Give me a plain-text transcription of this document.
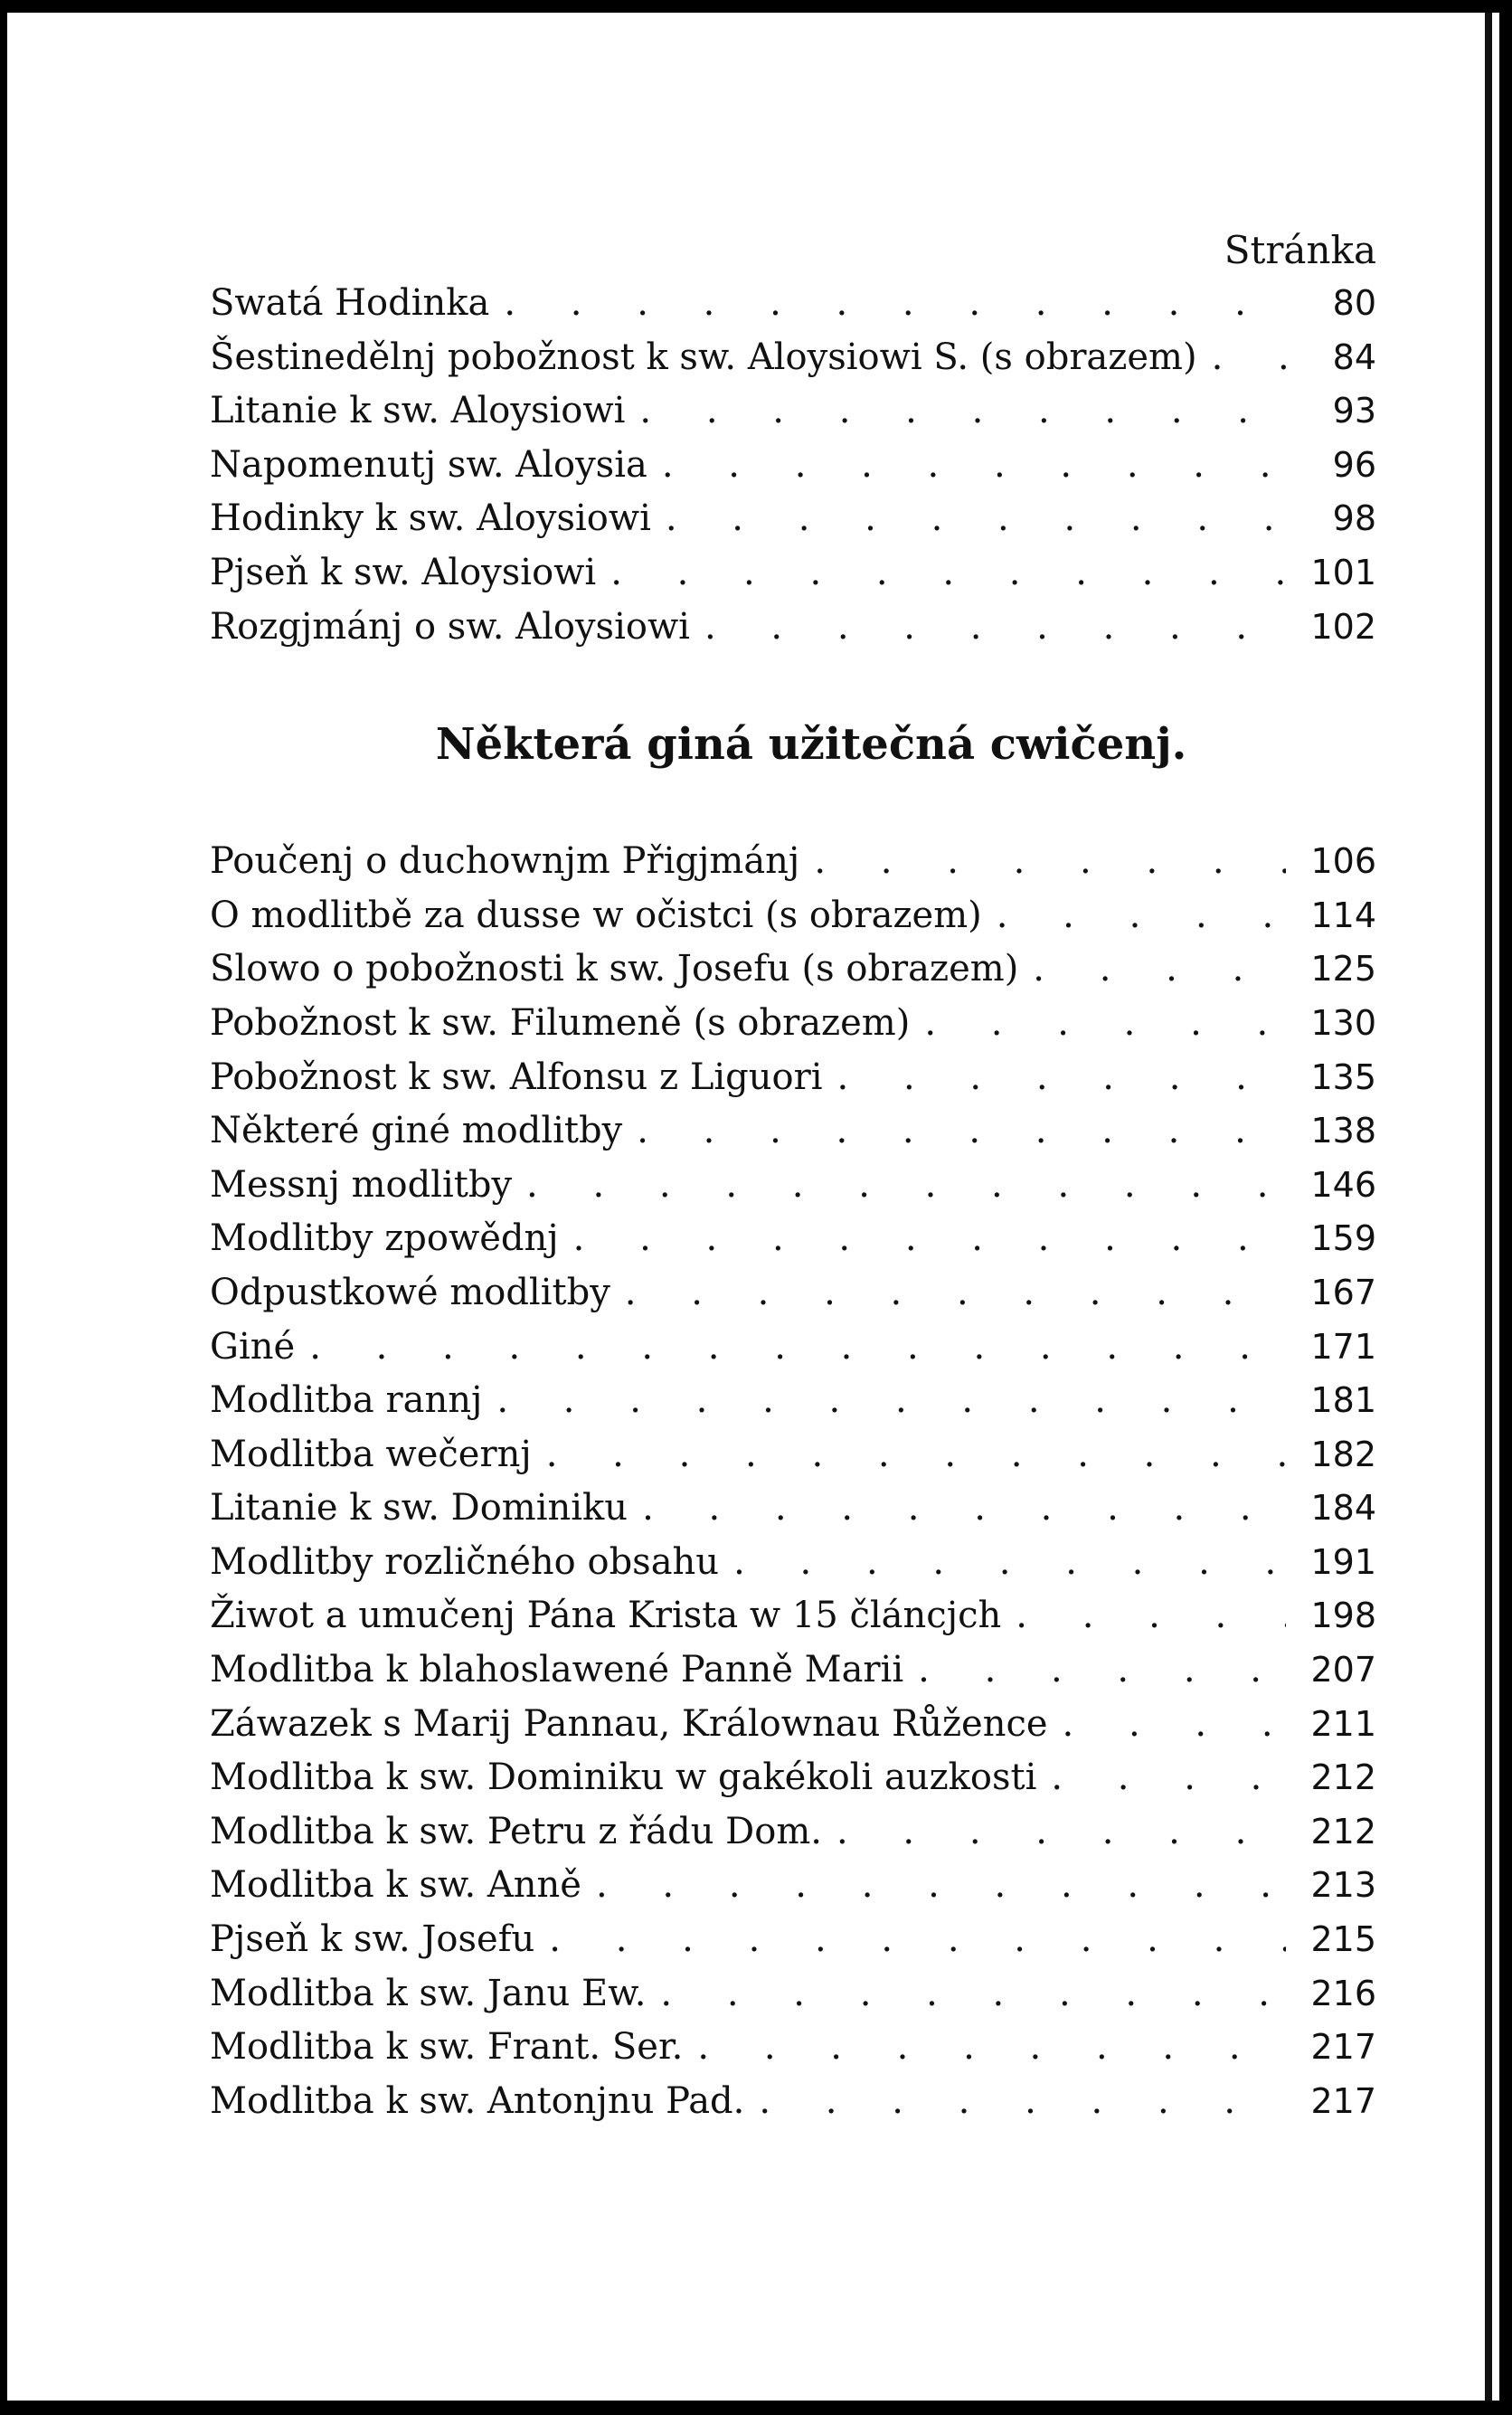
Stránka
Swatá Hodinka . . .	80
Šestinedělnj pobožnost k sw. Aloysiowi S. (s obrazem) . . .	84
Litanie k sw. Aloysiowi . . .	93
Napomenutj sw. Aloysia . . .	96
Hodinky k sw. Aloysiowi . . .	98
Pjseň k sw. Aloysiowi . . .	101
Rozgjmánj o sw. Aloysiowi . . .	102
Některá giná užitečná cwičenj.
Poučenj o duchownjm Přigjmánj . . .	106
O modlitbě za dusse w očistci (s obrazem) . . .	114
Slowo o pobožnosti k sw. Josefu (s obrazem) . . .	125
Pobožnost k sw. Filumeně (s obrazem) . . .	130
Pobožnost k sw. Alfonsu z Liguori . . .	135
Některé giné modlitby . . .	138
Messnj modlitby . . .	146
Modlitby zpowědnj . . .	159
Odpustkowé modlitby . . .	167
Giné . . .	171
Modlitba rannj . . .	181
Modlitba wečernj . . .	182
Litanie k sw. Dominiku . . .	184
Modlitby rozličného obsahu . . .	191
Žiwot a umučenj Pána Krista w 15 článcjch . . .	198
Modlitba k blahoslawené Panně Marii . . .	207
Záwazek s Marij Pannau, Králownau Růžence . . .	211
Modlitba k sw. Dominiku w gakékoli auzkosti . . .	212
Modlitba k sw. Petru z řádu Dom. . . .	212
Modlitba k sw. Anně . . .	213
Pjseň k sw. Josefu . . .	215
Modlitba k sw. Janu Ew. . . .	216
Modlitba k sw. Frant. Ser. . . .	217
Modlitba k sw. Antonjnu Pad. . . .	217
